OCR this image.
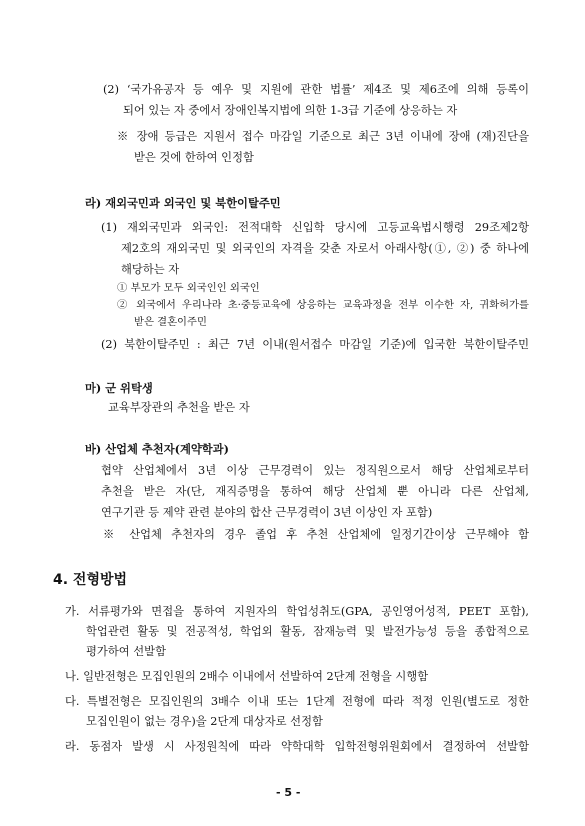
(2) ‘국가유공자 등 예우 및 지원에 관한 법률’ 제4조 및 제6조에 의해 등록이
되어 있는 자 중에서 장애인복지법에 의한 1-3급 기준에 상응하는 자
※ 장애 등급은 지원서 접수 마감일 기준으로 최근 3년 이내에 장애 (재)진단을
받은 것에 한하여 인정함
라) 재외국민과 외국인 및 북한이탈주민
(1) 재외국민과 외국인: 전적대학 신입학 당시에 고등교육법시행령 29조제2항
제2호의 재외국민 및 외국인의 자격을 갖춘 자로서 아래사항(①, ②) 중 하나에
해당하는 자
① 부모가 모두 외국인인 외국인
② 외국에서 우리나라 초·중등교육에 상응하는 교육과정을 전부 이수한 자, 귀화허가를
받은 결혼이주민
(2) 북한이탈주민 : 최근 7년 이내(원서접수 마감일 기준)에 입국한 북한이탈주민
마) 군 위탁생
교육부장관의 추천을 받은 자
바) 산업체 추천자(계약학과)
협약 산업체에서 3년 이상 근무경력이 있는 정직원으로서 해당 산업체로부터
추천을 받은 자(단, 재직증명을 통하여 해당 산업체 뿐 아니라 다른 산업체,
연구기관 등 제약 관련 분야의 합산 근무경력이 3년 이상인 자 포함)
※ 산업체 추천자의 경우 졸업 후 추천 산업체에 일정기간이상 근무해야 함
4. 전형방법
가. 서류평가와 면접을 통하여 지원자의 학업성취도(GPA, 공인영어성적, PEET 포함),
학업관련 활동 및 전공적성, 학업외 활동, 잠재능력 및 발전가능성 등을 종합적으로
평가하여 선발함
나. 일반전형은 모집인원의 2배수 이내에서 선발하여 2단계 전형을 시행함
다. 특별전형은 모집인원의 3배수 이내 또는 1단계 전형에 따라 적정 인원(별도로 정한
모집인원이 없는 경우)을 2단계 대상자로 선정함
라. 동점자 발생 시 사정원칙에 따라 약학대학 입학전형위원회에서 결정하여 선발함
- 5 -
